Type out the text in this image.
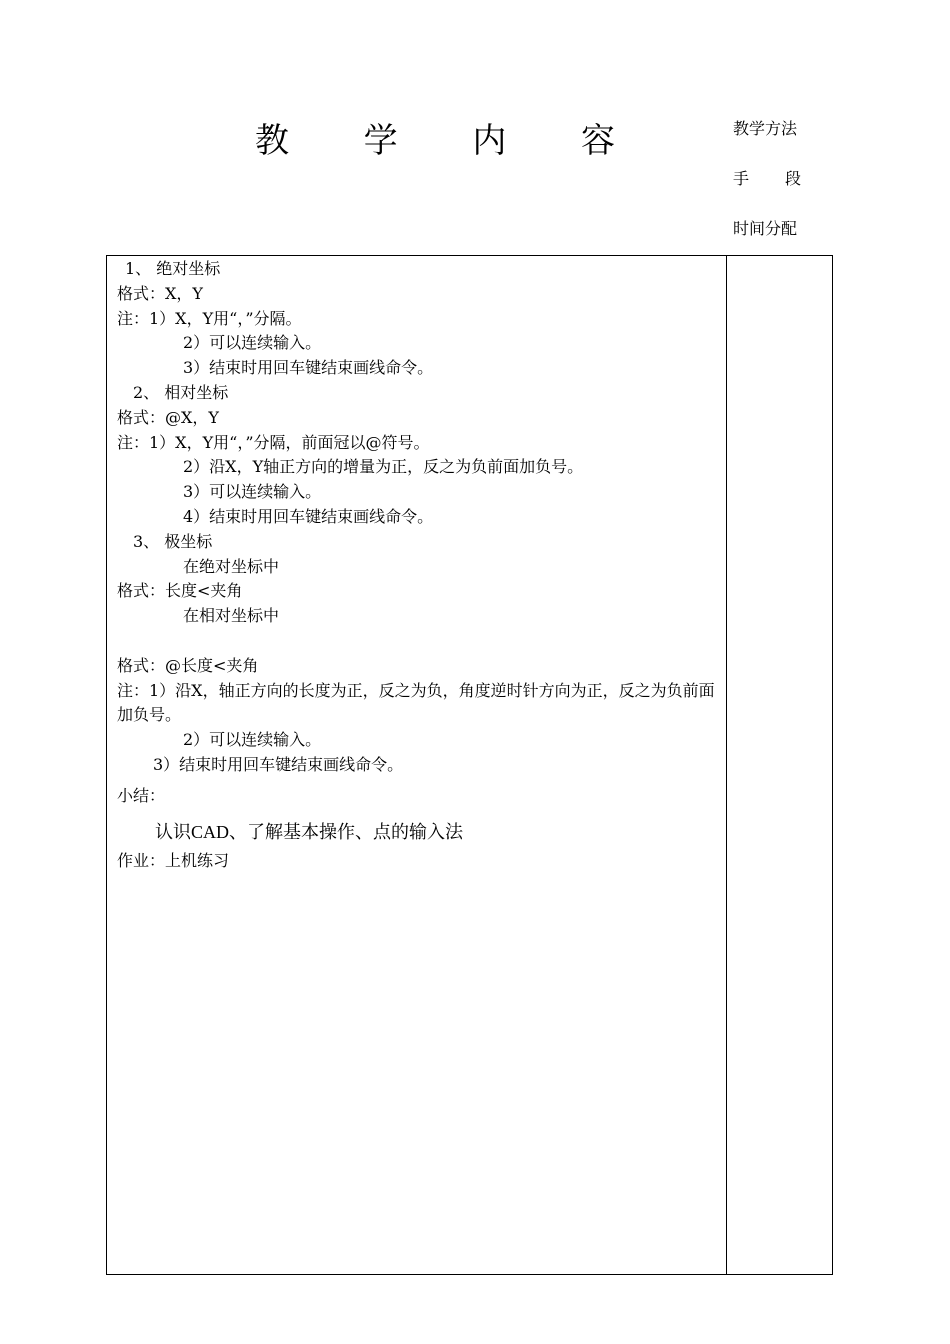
教 学 内 容	教学方法
手 段
时间分配
1、 绝对坐标
格式：X，Y
注：1）X，Y用“，”分隔。
2）可以连续输入。
3）结束时用回车键结束画线命令。
2、 相对坐标
格式：@X，Y
注：1）X，Y用“，”分隔，前面冠以@符号。
2）沿X，Y轴正方向的增量为正，反之为负前面加负号。
3）可以连续输入。
4）结束时用回车键结束画线命令。
3、 极坐标
在绝对坐标中
格式：长度<夹角
在相对坐标中
格式：@长度<夹角
注：1）沿X，轴正方向的长度为正，反之为负，角度逆时针方向为正，反之为负前面加负号。
2）可以连续输入。
3）结束时用回车键结束画线命令。
小结：
认识CAD、了解基本操作、点的输入法
作业：上机练习
